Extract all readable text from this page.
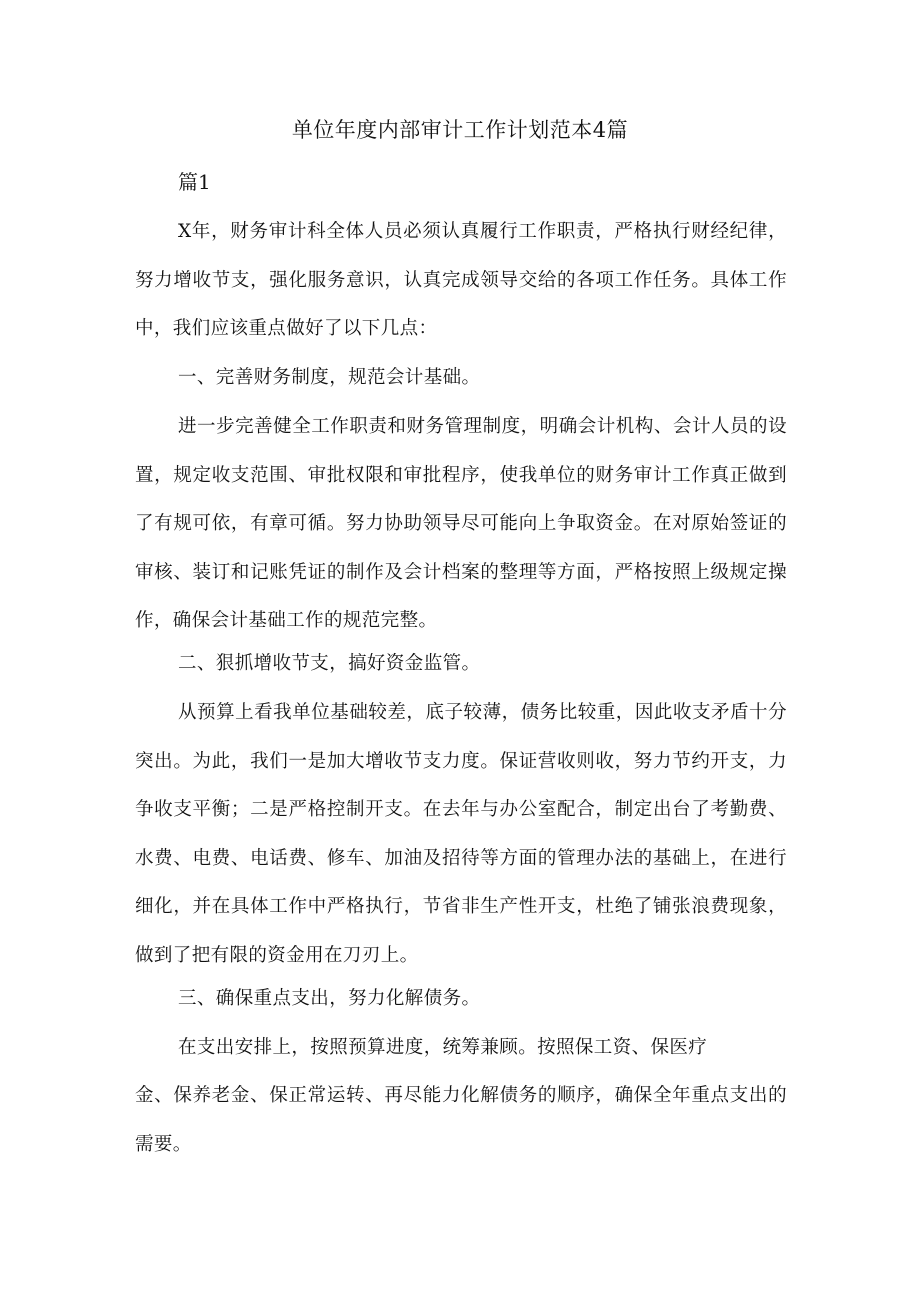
单位年度内部审计工作计划范本4篇
篇1

X年，财务审计科全体人员必须认真履行工作职责，严格执行财经纪律，努力增收节支，强化服务意识，认真完成领导交给的各项工作任务。具体工作中，我们应该重点做好了以下几点：

一、完善财务制度，规范会计基础。

进一步完善健全工作职责和财务管理制度，明确会计机构、会计人员的设置，规定收支范围、审批权限和审批程序，使我单位的财务审计工作真正做到了有规可依，有章可循。努力协助领导尽可能向上争取资金。在对原始签证的审核、装订和记账凭证的制作及会计档案的整理等方面，严格按照上级规定操作，确保会计基础工作的规范完整。

二、狠抓增收节支，搞好资金监管。

从预算上看我单位基础较差，底子较薄，债务比较重，因此收支矛盾十分突出。为此，我们一是加大增收节支力度。保证营收则收，努力节约开支，力争收支平衡；二是严格控制开支。在去年与办公室配合，制定出台了考勤费、水费、电费、电话费、修车、加油及招待等方面的管理办法的基础上，在进行细化，并在具体工作中严格执行，节省非生产性开支，杜绝了铺张浪费现象，做到了把有限的资金用在刀刃上。

三、确保重点支出，努力化解债务。

在支出安排上，按照预算进度，统筹兼顾。按照保工资、保医疗

金、保养老金、保正常运转、再尽能力化解债务的顺序，确保全年重点支出的需要。
